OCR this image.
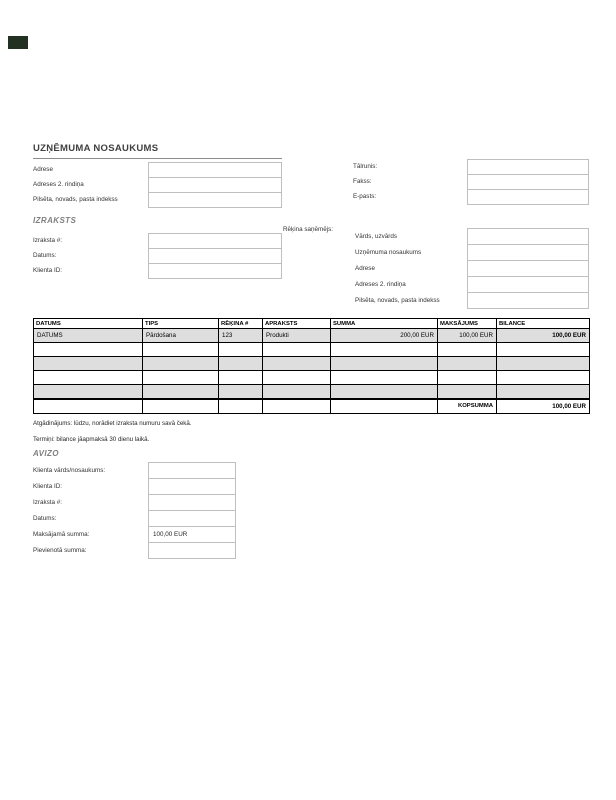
UZŅĒMUMA NOSAUKUMS
Adrese
Adreses 2. rindiņa
Pilsēta, novads, pasta indekss
Tālrunis:
Fakss:
E-pasts:
IZRAKSTS
Izraksta #:
Datums:
Klienta ID:
Rēķina saņēmējs:
Vārds, uzvārds
Uzņēmuma nosaukums
Adrese
Adreses 2. rindiņa
Pilsēta, novads, pasta indekss
DATUMS	TIPS	RĒĶINA #	APRAKSTS	SUMMA	MAKSĀJUMS	BILANCE
DATUMS	Pārdošana	123	Produkti	200,00 EUR	100,00 EUR	100,00 EUR

					KOPSUMMA	100,00 EUR
Atgādinājums: lūdzu, norādiet izraksta numuru savā čekā.
Termiņi: bilance jāapmaksā 30 dienu laikā.
AVIZO
Klienta vārds/nosaukums:
Klienta ID:
Izraksta #:
Datums:
Maksājamā summa:	100,00 EUR
Pievienotā summa:
